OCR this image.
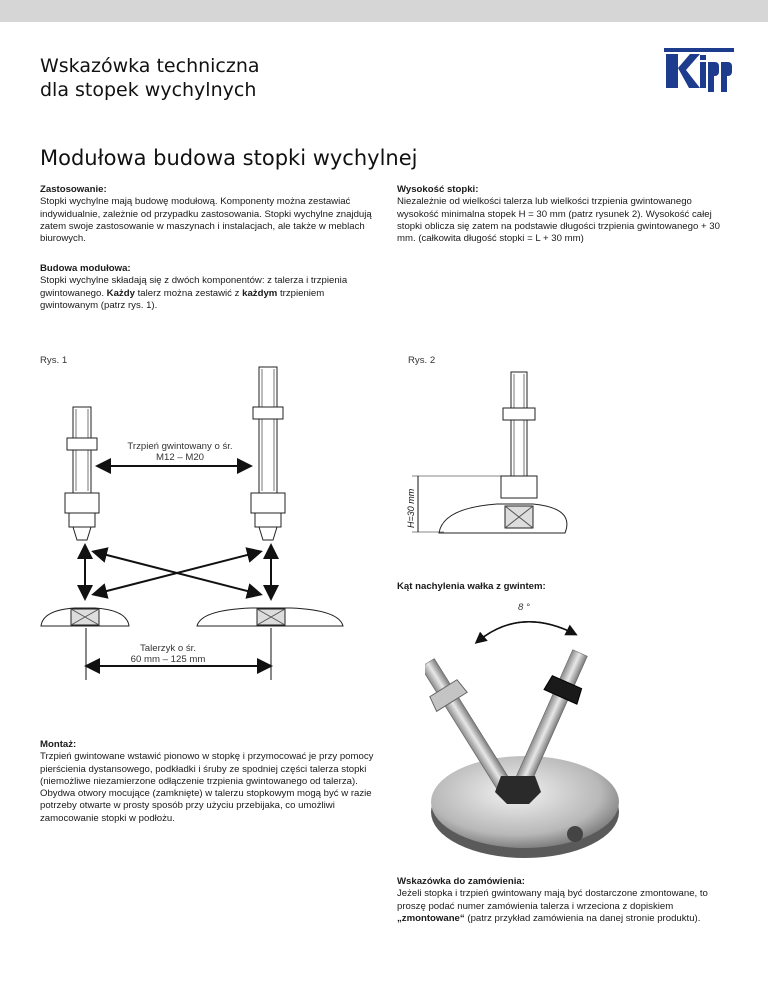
Wskazówka techniczna
dla stopek wychylnych
Modułowa budowa stopki wychylnej
Zastosowanie:
Stopki wychylne mają budowę modułową. Komponenty można zestawiać indywidualnie, zależnie od przypadku zastosowania. Stopki wychylne znajdują zatem swoje zastosowanie w maszynach i instalacjach, ale także w meblach biurowych.
Wysokość stopki:
Niezależnie od wielkości talerza lub wielkości trzpienia gwintowanego wysokość minimalna stopek H = 30 mm (patrz rysunek 2). Wysokość całej stopki oblicza się zatem na podstawie długości trzpienia gwintowanego + 30 mm. (całkowita długość stopki = L + 30 mm)
Budowa modułowa:
Stopki wychylne składają się z dwóch komponentów: z talerza i trzpienia gwintowanego. Każdy talerz można zestawić z każdym trzpieniem gwintowanym (patrz rys. 1).
Rys. 1	Rys. 2
Trzpień gwintowany o śr.
M12 – M20
Talerzyk o śr.
60 mm – 125 mm
H=30 mm
Kąt nachylenia wałka z gwintem:
8 °
Montaż:
Trzpień gwintowane wstawić pionowo w stopkę i przymocować je przy pomocy pierścienia dystansowego, podkładki i śruby ze spodniej części talerza stopki (niemożliwe niezamierzone odłączenie trzpienia gwintowanego od talerza). Obydwa otwory mocujące (zamknięte) w talerzu stopkowym mogą być w razie potrzeby otwarte w prosty sposób przy użyciu przebijaka, co umożliwi zamocowanie stopki w podłożu.
Wskazówka do zamówienia:
Jeżeli stopka i trzpień gwintowany mają być dostarczone zmontowane, to proszę podać numer zamówienia talerza i wrzeciona z dopiskiem „zmontowane“ (patrz przykład zamówienia na danej stronie produktu).
